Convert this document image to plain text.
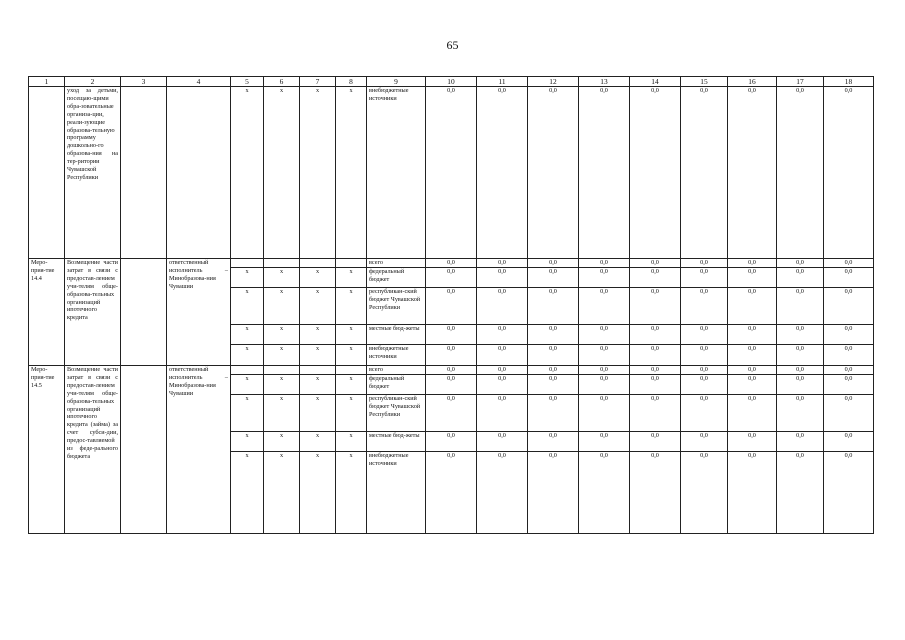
65
1	2	3	4	5	6	7	8	9	10	11	12	13	14	15	16	17	18
	уход за детьми, посещаю-щими обра-зовательные организа-ции, реали-зующие образова-тельную программу дошкольно-го образова-ния на тер-ритории Чувашской Республики			x	x	x	x	внебюджетные источники	0,0	0,0	0,0	0,0	0,0	0,0	0,0	0,0	0,0
Меро-прия-тие 14.4	Возмещение части затрат в связи с предостав-лением учи-телям обще-образова-тельных организаций ипотечного кредита		ответственный исполнитель – Минобразова-ния Чувашии					всего	0,0	0,0	0,0	0,0	0,0	0,0	0,0	0,0	0,0
				x	x	x	x	федеральный бюджет	0,0	0,0	0,0	0,0	0,0	0,0	0,0	0,0	0,0
				x	x	x	x	республикан-ский бюджет Чувашской Республики	0,0	0,0	0,0	0,0	0,0	0,0	0,0	0,0	0,0
				x	x	x	x	местные бюд-жеты	0,0	0,0	0,0	0,0	0,0	0,0	0,0	0,0	0,0
				x	x	x	x	внебюджетные источники	0,0	0,0	0,0	0,0	0,0	0,0	0,0	0,0	0,0
Меро-прия-тие 14.5	Возмещение части затрат в связи с предостав-лением учи-телям обще-образова-тельных организаций ипотечного кредита (займа) за счет субси-дии, предос-тавляемой из феде-рального бюджета		ответственный исполнитель – Минобразова-ния Чувашии					всего	0,0	0,0	0,0	0,0	0,0	0,0	0,0	0,0	0,0
				x	x	x	x	федеральный бюджет	0,0	0,0	0,0	0,0	0,0	0,0	0,0	0,0	0,0
				x	x	x	x	республикан-ский бюджет Чувашской Республики	0,0	0,0	0,0	0,0	0,0	0,0	0,0	0,0	0,0
				x	x	x	x	местные бюд-жеты	0,0	0,0	0,0	0,0	0,0	0,0	0,0	0,0	0,0
				x	x	x	x	внебюджетные источники	0,0	0,0	0,0	0,0	0,0	0,0	0,0	0,0	0,0
